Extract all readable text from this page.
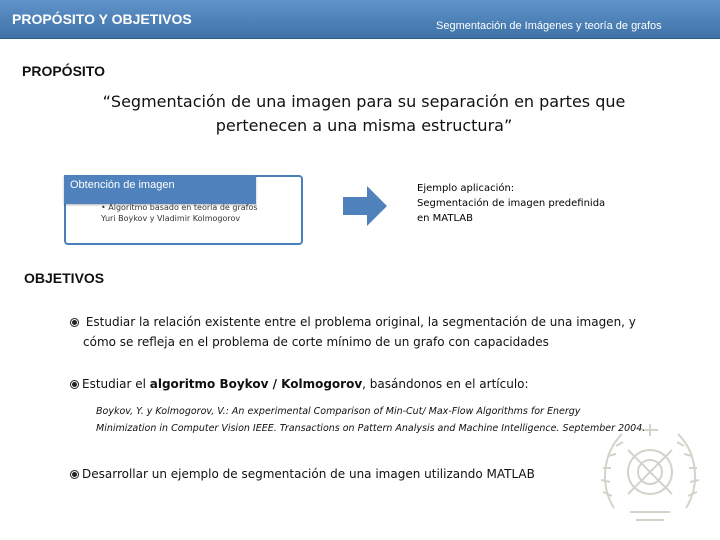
PROPÓSITO Y OBJETIVOS	Segmentación de Imágenes y teoría de grafos
PROPÓSITO
“Segmentación de una imagen para su separación en partes que
pertenecen a una misma estructura”
Obtención de imagen
• Algoritmo basado en teoría de grafos Yuri Boykov y Vladimir Kolmogorov
Ejemplo aplicación:
Segmentación de imagen predefinida
en MATLAB
OBJETIVOS
Estudiar la relación existente entre el problema original, la segmentación de una imagen, y
cómo se refleja en el problema de corte mínimo de un grafo con capacidades
Estudiar el algoritmo Boykov / Kolmogorov, basándonos en el artículo:
Boykov, Y. y Kolmogorov, V.: An experimental Comparison of Min-Cut/ Max-Flow Algorithms for Energy
Minimization in Computer Vision IEEE. Transactions on Pattern Analysis and Machine Intelligence. September 2004.
Desarrollar un ejemplo de segmentación de una imagen utilizando MATLAB
